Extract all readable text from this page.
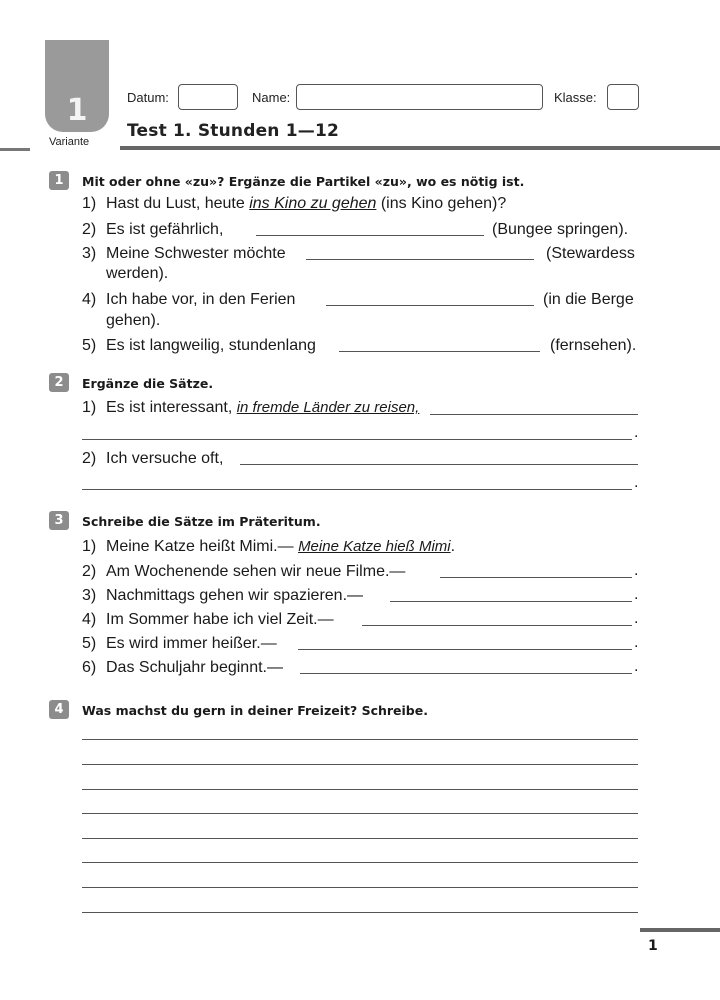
1
Variante
Datum:	Name:	Klasse:
Test 1. Stunden 1—12
1	Mit oder ohne «zu»? Ergänze die Partikel «zu», wo es nötig ist.
1) Hast du Lust, heute ins Kino zu gehen (ins Kino gehen)?
2) Es ist gefährlich,	(Bungee springen).
3) Meine Schwester möchte	(Stewardess
werden).
4) Ich habe vor, in den Ferien	(in die Berge
gehen).
5) Es ist langweilig, stundenlang	(fernsehen).
2	Ergänze die Sätze.
1) Es ist interessant, in fremde Länder zu reisen,
.
2) Ich versuche oft,
.
3	Schreibe die Sätze im Präteritum.
1) Meine Katze heißt Mimi.— Meine Katze hieß Mimi.
2) Am Wochenende sehen wir neue Filme.—	.
3) Nachmittags gehen wir spazieren.—	.
4) Im Sommer habe ich viel Zeit.—	.
5) Es wird immer heißer.—	.
6) Das Schuljahr beginnt.—	.
4	Was machst du gern in deiner Freizeit? Schreibe.
1
